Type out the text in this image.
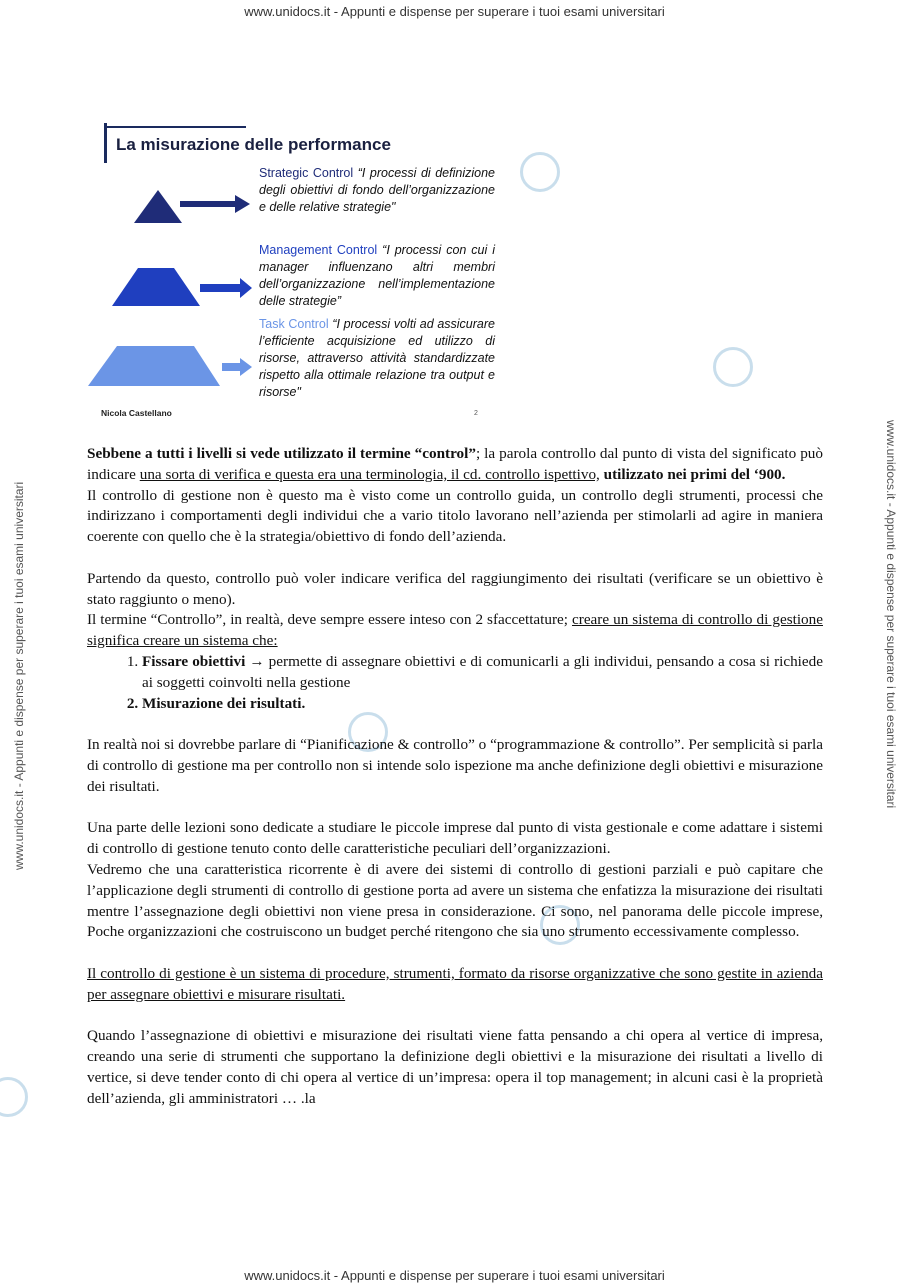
www.unidocs.it - Appunti e dispense per superare i tuoi esami universitari
www.unidocs.it - Appunti e dispense per superare i tuoi esami universitari	www.unidocs.it - Appunti e dispense per superare i tuoi esami universitari
La misurazione delle performance
Strategic Control “I processi di definizione degli obiettivi di fondo dell’organizzazione e delle relative strategie"
Management Control “I processi con cui i manager influenzano altri membri dell’organizzazione nell’implementazione delle strategie”
Task Control “I processi volti ad assicurare l’efficiente acquisizione ed utilizzo di risorse, attraverso attività standardizzate rispetto alla ottimale relazione tra output e risorse"
Nicola Castellano	2

Sebbene a tutti i livelli si vede utilizzato il termine “control”; la parola controllo dal punto di vista del significato può indicare una sorta di verifica e questa era una terminologia, il cd. controllo ispettivo, utilizzato nei primi del ‘900.

Il controllo di gestione non è questo ma è visto come un controllo guida, un controllo degli strumenti, processi che indirizzano i comportamenti degli individui che a vario titolo lavorano nell’azienda per stimolarli ad agire in maniera coerente con quello che è la strategia/obiettivo di fondo dell’azienda.

Partendo da questo, controllo può voler indicare verifica del raggiungimento dei risultati (verificare se un obiettivo è stato raggiunto o meno).

Il termine “Controllo”, in realtà, deve sempre essere inteso con 2 sfaccettature; creare un sistema di controllo di gestione significa creare un sistema che:

1. Fissare obiettivi → permette di assegnare obiettivi e di comunicarli a gli individui, pensando a cosa si richiede ai soggetti coinvolti nella gestione
2. Misurazione dei risultati.

In realtà noi si dovrebbe parlare di “Pianificazione & controllo” o “programmazione & controllo”. Per semplicità si parla di controllo di gestione ma per controllo non si intende solo ispezione ma anche definizione degli obiettivi e misurazione dei risultati.

Una parte delle lezioni sono dedicate a studiare le piccole imprese dal punto di vista gestionale e come adattare i sistemi di controllo di gestione tenuto conto delle caratteristiche peculiari dell’organizzazioni.

Vedremo che una caratteristica ricorrente è di avere dei sistemi di controllo di gestioni parziali e può capitare che l’applicazione degli strumenti di controllo di gestione porta ad avere un sistema che enfatizza la misurazione dei risultati mentre l’assegnazione degli obiettivi non viene presa in considerazione. Ci sono, nel panorama delle piccole imprese, Poche organizzazioni che costruiscono un budget perché ritengono che sia uno strumento eccessivamente complesso.

Il controllo di gestione è un sistema di procedure, strumenti, formato da risorse organizzative che sono gestite in azienda per assegnare obiettivi e misurare risultati.

Quando l’assegnazione di obiettivi e misurazione dei risultati viene fatta pensando a chi opera al vertice di impresa, creando una serie di strumenti che supportano la definizione degli obiettivi e la misurazione dei risultati a livello di vertice, si deve tender conto di chi opera al vertice di un’impresa: opera il top management; in alcuni casi è la proprietà dell’azienda, gli amministratori … .la

www.unidocs.it - Appunti e dispense per superare i tuoi esami universitari
